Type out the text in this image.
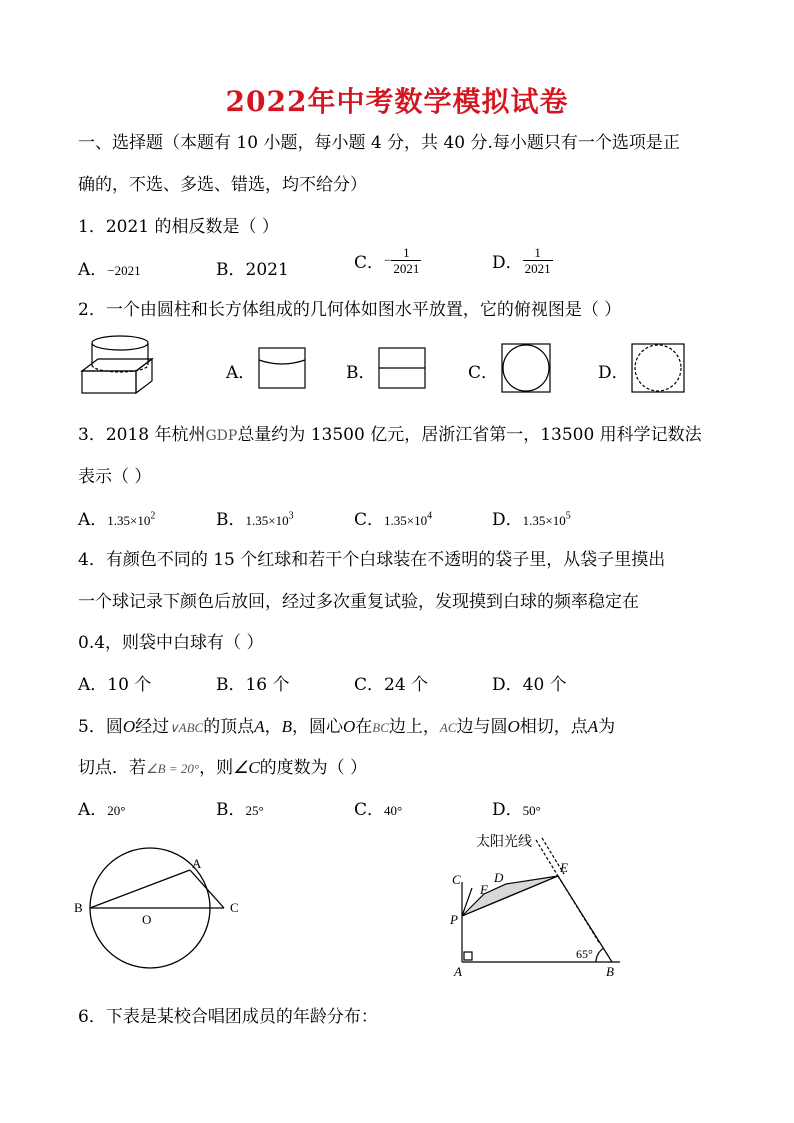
2022年中考数学模拟试卷
一、选择题（本题有 10 小题，每小题 4 分，共 40 分.每小题只有一个选项是正
确的，不选、多选、错选，均不给分）
1．2021 的相反数是（ ）
A．−2021	B．2021	C．− $\frac{1}{2021}$	D． $\frac{1}{2021}$
2．一个由圆柱和长方体组成的几何体如图水平放置，它的俯视图是（ ）
A．	B．	C．	D．
3．2018 年杭州GDP总量约为 13500 亿元，居浙江省第一，13500 用科学记数法
表示（ ）
A．$1.35\times 10^2$	B．$1.35\times 10^3$	C．$1.35\times 10^4$	D．$1.35\times 10^5$
4．有颜色不同的 15 个红球和若干个白球装在不透明的袋子里，从袋子里摸出
一个球记录下颜色后放回，经过多次重复试验，发现摸到白球的频率稳定在
0.4，则袋中白球有（ ）
A．10 个	B．16 个	C．24 个	D．40 个
5．圆O经过∨ABC的顶点A，B，圆心O在BC边上，AC边与圆O相切，点A为
切点．若∠B = 20°，则∠C的度数为（ ）
A．20°	B．25°	C．40°	D．50°
B
A
C
O
太阳光线
C	D
E
F
P
A	B
65°
6．下表是某校合唱团成员的年龄分布：
